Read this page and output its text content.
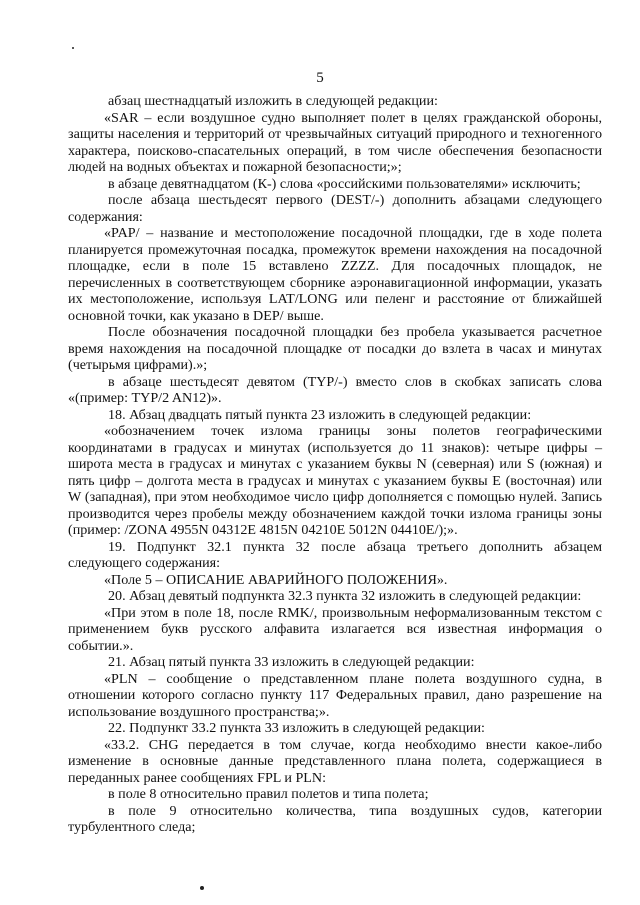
5

абзац шестнадцатый изложить в следующей редакции:

«SAR – если воздушное судно выполняет полет в целях гражданской обороны, защиты населения и территорий от чрезвычайных ситуаций природного и техногенного характера, поисково-спасательных операций, в том числе обеспечения безопасности людей на водных объектах и пожарной безопасности;»;

в абзаце девятнадцатом (К-) слова «российскими пользователями» исключить;

после абзаца шестьдесят первого (DEST/-) дополнить абзацами следующего содержания:

«PAP/ – название и местоположение посадочной площадки, где в ходе полета планируется промежуточная посадка, промежуток времени нахождения на посадочной площадке, если в поле 15 вставлено ZZZZ. Для посадочных площадок, не перечисленных в соответствующем сборнике аэронавигационной информации, указать их местоположение, используя LAT/LONG или пеленг и расстояние от ближайшей основной точки, как указано в DEP/ выше.

После обозначения посадочной площадки без пробела указывается расчетное время нахождения на посадочной площадке от посадки до взлета в часах и минутах (четырьмя цифрами).»;

в абзаце шестьдесят девятом (TYP/-) вместо слов в скобках записать слова «(пример: TYP/2 AN12)».

18. Абзац двадцать пятый пункта 23 изложить в следующей редакции:

«обозначением точек излома границы зоны полетов географическими координатами в градусах и минутах (используется до 11 знаков): четыре цифры – широта места в градусах и минутах с указанием буквы N (северная) или S (южная) и пять цифр – долгота места в градусах и минутах с указанием буквы E (восточная) или W (западная), при этом необходимое число цифр дополняется с помощью нулей. Запись производится через пробелы между обозначением каждой точки излома границы зоны (пример: /ZONA 4955N 04312E 4815N 04210E 5012N 04410E/);».

19. Подпункт 32.1 пункта 32 после абзаца третьего дополнить абзацем следующего содержания:

«Поле 5 – ОПИСАНИЕ АВАРИЙНОГО ПОЛОЖЕНИЯ».

20. Абзац девятый подпункта 32.3 пункта 32 изложить в следующей редакции:

«При этом в поле 18, после RMK/, произвольным неформализованным текстом с применением букв русского алфавита излагается вся известная информация о событии.».

21. Абзац пятый пункта 33 изложить в следующей редакции:

«PLN – сообщение о представленном плане полета воздушного судна, в отношении которого согласно пункту 117 Федеральных правил, дано разрешение на использование воздушного пространства;».

22. Подпункт 33.2 пункта 33 изложить в следующей редакции:

«33.2. CHG передается в том случае, когда необходимо внести какое-либо изменение в основные данные представленного плана полета, содержащиеся в переданных ранее сообщениях FPL и PLN:

в поле 8 относительно правил полетов и типа полета;

в поле 9 относительно количества, типа воздушных судов, категории турбулентного следа;
